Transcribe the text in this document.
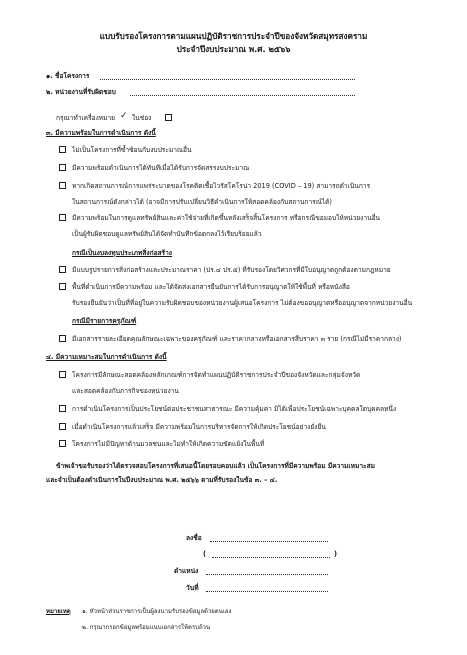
แบบรับรองโครงการตามแผนปฏิบัติราชการประจำปีของจังหวัดสมุทรสงคราม
ประจำปีงบประมาณ พ.ศ. ๒๕๖๖
๑. ชื่อโครงการ
๒. หน่วยงานที่รับผิดชอบ
กรุณาทำเครื่องหมาย ✓ ในช่อง
๓. มีความพร้อมในการดำเนินการ ดังนี้
ไม่เป็นโครงการที่ซ้ำซ้อนกับงบประมาณอื่น
มีความพร้อมดำเนินการได้ทันทีเมื่อได้รับการจัดสรรงบประมาณ
หากเกิดสถานการณ์การแพร่ระบาดของโรคติดเชื้อไวรัสโคโรน่า 2019 (COVID – 19) สามารถดำเนินการ
ในสถานการณ์ดังกล่าวได้ (อาจมีการปรับเปลี่ยนวิธีดำเนินการให้สอดคล้องกับสถานการณ์ได้)
มีความพร้อมในการดูแลทรัพย์สินและค่าใช้จ่ายที่เกิดขึ้นหลังเสร็จสิ้นโครงการ หรือกรณีขอมอบให้หน่วยงานอื่น
เป็นผู้รับผิดชอบดูแลทรัพย์สินได้จัดทำบันทึกข้อตกลงไว้เรียบร้อยแล้ว
กรณีเป็นงบลงทุนประเภทสิ่งก่อสร้าง
มีแบบรูปรายการสิ่งก่อสร้างและประมาณราคา (ปร.๔ ปร.๕) ที่รับรองโดยวิศวกรที่มีใบอนุญาตถูกต้องตามกฎหมาย
พื้นที่ดำเนินการมีความพร้อม และได้จัดส่งเอกสารยืนยันการได้รับการอนุญาตให้ใช้พื้นที่ หรือหนังสือ
รับรองยืนยันว่าเป็นที่ที่อยู่ในความรับผิดชอบของหน่วยงานผู้เสนอโครงการ ไม่ต้องขออนุญาตหรืออนุญาตจากหน่วยงานอื่น
กรณีมีรายการครุภัณฑ์
มีเอกสารรายละเอียดคุณลักษณะเฉพาะของครุภัณฑ์ และราคากลางหรือเอกสารสืบราคา ๓ ราย (กรณีไม่มีราคากลาง)
๔. มีความเหมาะสมในการดำเนินการ ดังนี้
โครงการมีลักษณะสอดคล้องหลักเกณฑ์การจัดทำแผนปฏิบัติราชการประจำปีของจังหวัดและกลุ่มจังหวัด
และสอดคล้องกับภารกิจของหน่วยงาน
การดำเนินโครงการเป็นประโยชน์ต่อประชาชนสาธารณะ มีความคุ้มค่า มิได้เพื่อประโยชน์เฉพาะบุคคลใดบุคคลหนึ่ง
เมื่อดำเนินโครงการแล้วเสร็จ มีความพร้อมในการบริหารจัดการให้เกิดประโยชน์อย่างยั่งยืน
โครงการไม่มีปัญหาด้านมวลชนและไม่ทำให้เกิดความขัดแย้งในพื้นที่
ข้าพเจ้าขอรับรองว่าได้ตรวจสอบโครงการที่เสนอนี้โดยรอบคอบแล้ว เป็นโครงการที่มีความพร้อม มีความเหมาะสม
และจำเป็นต้องดำเนินการในปีงบประมาณ พ.ศ. ๒๕๖๖ ตามที่รับรองในข้อ ๓. – ๔.
ลงชื่อ
(	)
ตำแหน่ง
วันที่
หมายเหตุ ๑. หัวหน้าส่วนราชการเป็นผู้ลงนามรับรองข้อมูลด้วยตนเอง
๒. กรุณากรอกข้อมูลพร้อมแนบเอกสารให้ครบถ้วน
